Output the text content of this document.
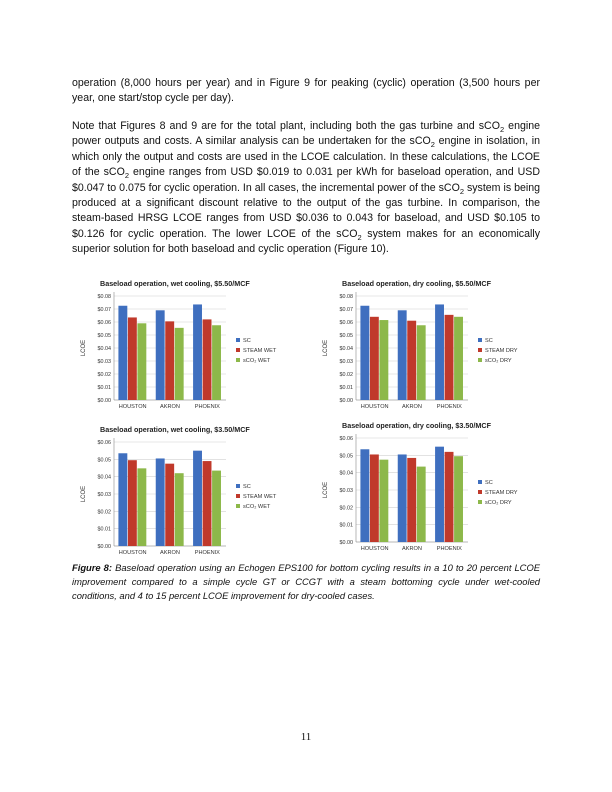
operation (8,000 hours per year) and in Figure 9 for peaking (cyclic) operation (3,500 hours per year, one start/stop cycle per day).

Note that Figures 8 and 9 are for the total plant, including both the gas turbine and sCO$_2$ engine power outputs and costs. A similar analysis can be undertaken for the sCO$_2$ engine in isolation, in which only the output and costs are used in the LCOE calculation. In these calculations, the LCOE of the sCO$_2$ engine ranges from USD $0.019 to 0.031 per kWh for baseload operation, and USD $0.047 to 0.075 for cyclic operation. In all cases, the incremental power of the sCO$_2$ system is being produced at a significant discount relative to the output of the gas turbine. In comparison, the steam-based HRSG LCOE ranges from USD $0.036 to 0.043 for baseload, and USD $0.105 to $0.126 for cyclic operation. The lower LCOE of the sCO$_2$ system makes for an economically superior solution for both baseload and cyclic operation (Figure 10).

Baseload operation, wet cooling, $5.50/MCF
$0.08
$0.07
$0.06
$0.05
$0.04
$0.03
$0.02
$0.01
$0.00
LCOE
HOUSTON AKRON	PHOENIX
SC
STEAM WET
sCO₂ WET
Baseload operation, dry cooling, $5.50/MCF
$0.08
$0.07
$0.06
$0.05
$0.04
$0.03
$0.02
$0.01
$0.00
LCOE
HOUSTON AKRON	PHOENIX
SC
STEAM DRY
sCO₂ DRY
Baseload operation, wet cooling, $3.50/MCF
$0.06
$0.05
$0.04
$0.03
$0.02
$0.01
$0.00
LCOE
HOUSTON AKRON	PHOENIX
SC
STEAM WET
sCO₂ WET
Baseload operation, dry cooling, $3.50/MCF
$0.06
$0.05
$0.04
$0.03
$0.02
$0.01
$0.00
LCOE
HOUSTON AKRON	PHOENIX
SC
STEAM DRY
sCO₂ DRY

Figure 8: Baseload operation using an Echogen EPS100 for bottom cycling results in a 10 to 20 percent LCOE improvement compared to a simple cycle GT or CCGT with a steam bottoming cycle under wet-cooled conditions, and 4 to 15 percent LCOE improvement for dry-cooled cases.

11
